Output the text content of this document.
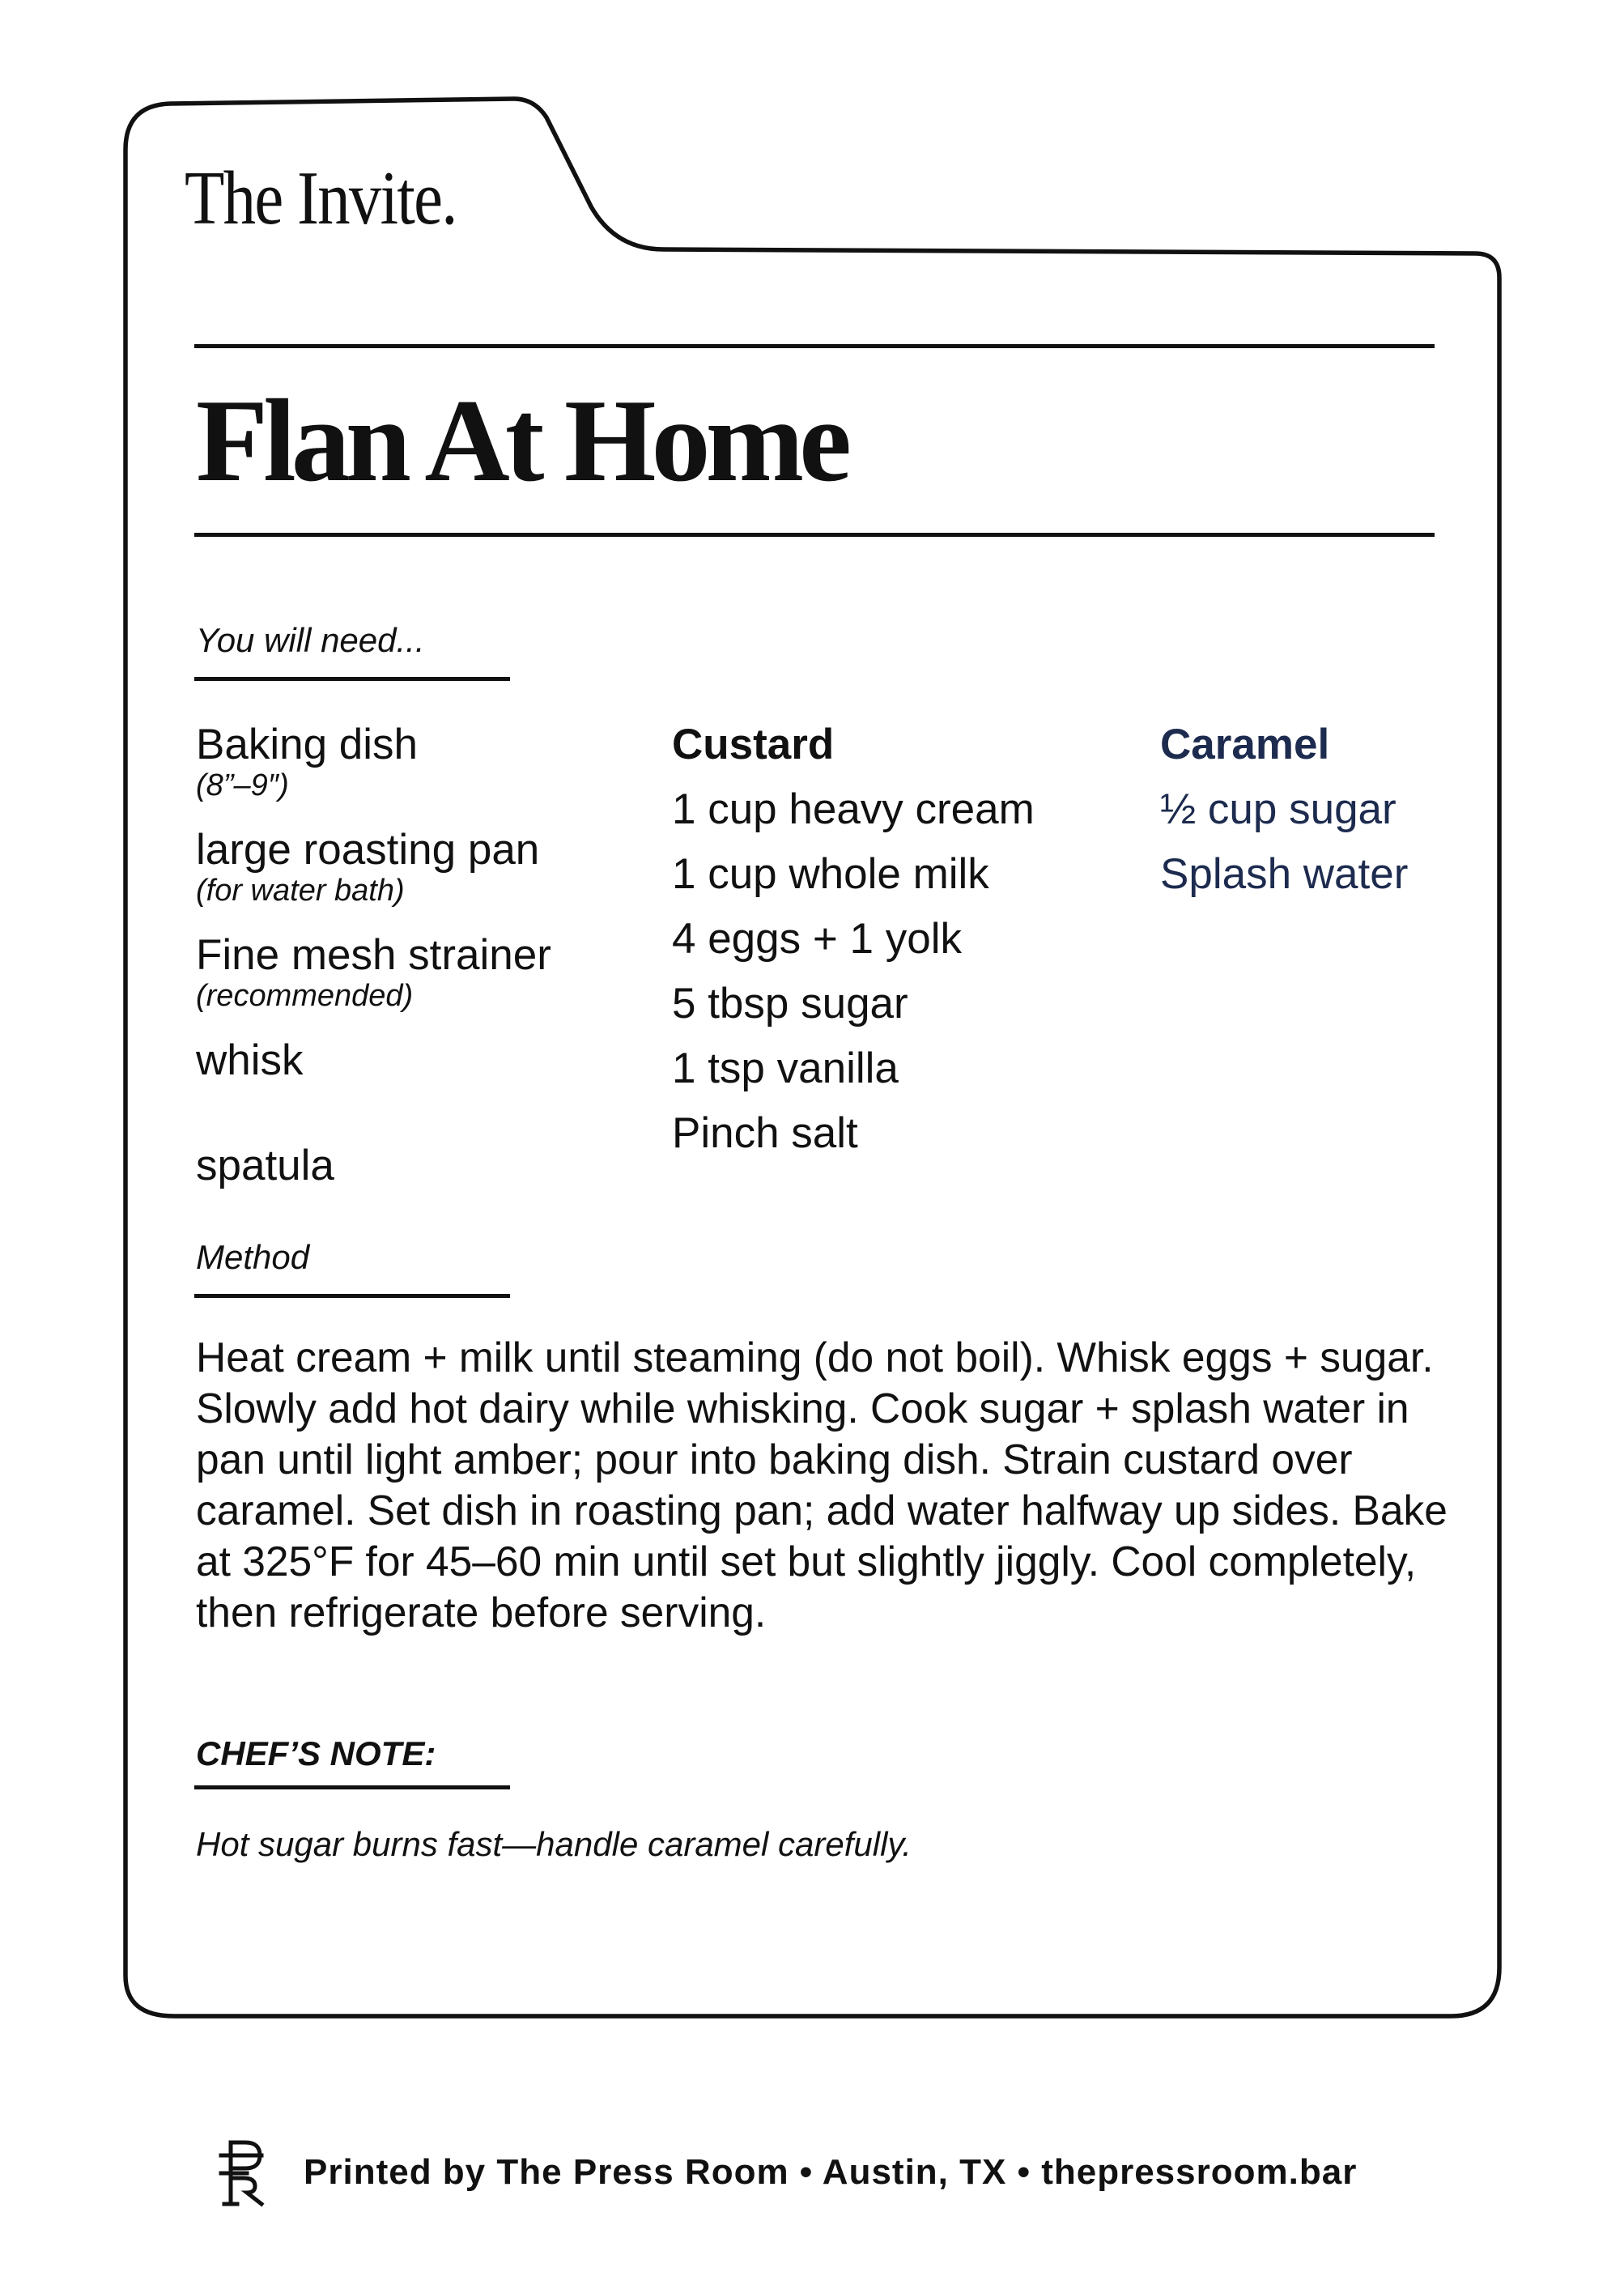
The Invite.
Flan At Home
You will need...
Baking dish
(8”–9″)
large roasting pan
(for water bath)
Fine mesh strainer
(recommended)
whisk
spatula
Custard
1 cup heavy cream
1 cup whole milk
4 eggs + 1 yolk
5 tbsp sugar
1 tsp vanilla
Pinch salt
Caramel
½ cup sugar
Splash water
Method

Heat cream + milk until steaming (do not boil). Whisk eggs + sugar. Slowly add hot dairy while whisking. Cook sugar + splash water in pan until light amber; pour into baking dish. Strain custard over caramel. Set dish in roasting pan; add water halfway up sides. Bake at 325°F for 45–60 min until set but slightly jiggly. Cool completely, then refrigerate before serving.

CHEF’S NOTE:
Hot sugar burns fast—handle caramel carefully.
Printed by The Press Room • Austin, TX • thepressroom.bar
